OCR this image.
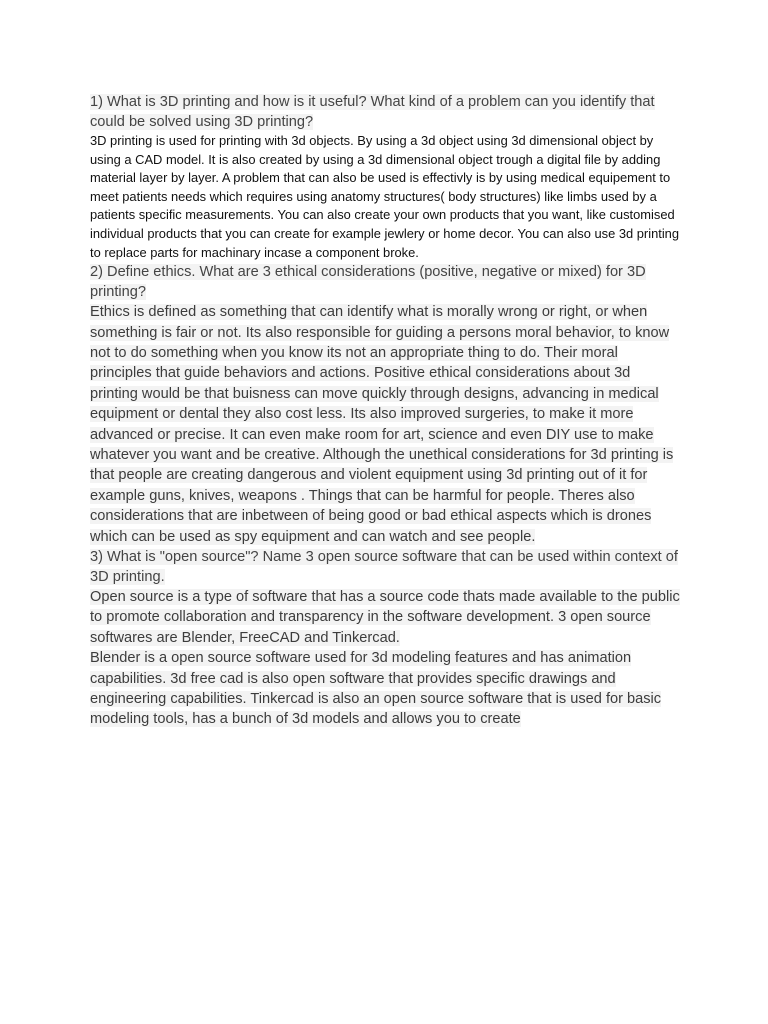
1) What is 3D printing and how is it useful? What kind of a problem can you identify that could be solved using 3D printing?

3D printing is used for printing with 3d objects. By using a 3d object using 3d dimensional object by using a CAD model. It is also created by using a 3d dimensional object trough a digital file by adding material layer by layer. A problem that can also be used is effectivly is by using medical equipement to meet patients needs which requires using anatomy structures( body structures) like limbs used by a patients specific measurements. You can also create your own products that you want, like customised individual products that you can create for example jewlery or home decor. You can also use 3d printing to replace parts for machinary incase a component broke.

2) Define ethics. What are 3 ethical considerations (positive, negative or mixed) for 3D printing?

Ethics is defined as something that can identify what is morally wrong or right, or when something is fair or not. Its also responsible for guiding a persons moral behavior, to know not to do something when you know its not an appropriate thing to do. Their moral principles that guide behaviors and actions. Positive ethical considerations about 3d printing would be that buisness can move quickly through designs, advancing in medical equipment or dental they also cost less. Its also improved surgeries, to make it more advanced or precise. It can even make room for art, science and even DIY use to make whatever you want and be creative. Although the unethical considerations for 3d printing is that people are creating dangerous and violent equipment using 3d printing out of it for example guns, knives, weapons . Things that can be harmful for people. Theres also considerations that are inbetween of being good or bad ethical aspects which is drones which can be used as spy equipment and can watch and see people.

3) What is "open source"? Name 3 open source software that can be used within context of 3D printing.

Open source is a type of software that has a source code thats made available to the public to promote collaboration and transparency in the software development. 3 open source softwares are Blender, FreeCAD and Tinkercad.

Blender is a open source software used for 3d modeling features and has animation capabilities. 3d free cad is also open software that provides specific drawings and engineering capabilities. Tinkercad is also an open source software that is used for basic modeling tools, has a bunch of 3d models and allows you to create
